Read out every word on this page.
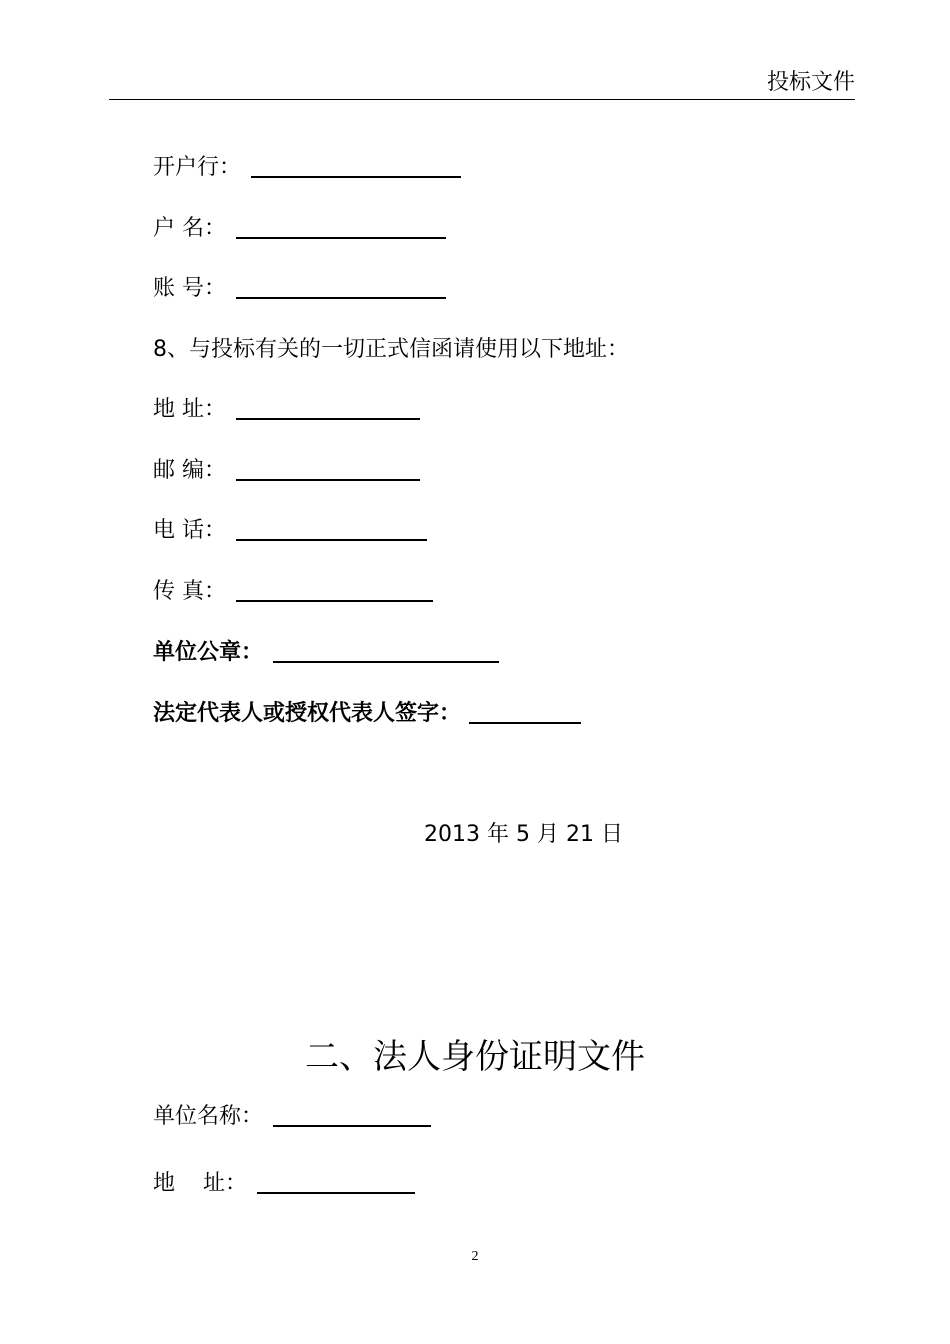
投标文件
开户行：
户 名：
账 号：
8、与投标有关的一切正式信函请使用以下地址：
地 址：
邮 编：
电 话：
传 真：
单位公章：
法定代表人或授权代表人签字：
2013 年 5 月 21 日
二、法人身份证明文件
单位名称：
地    址：
2
